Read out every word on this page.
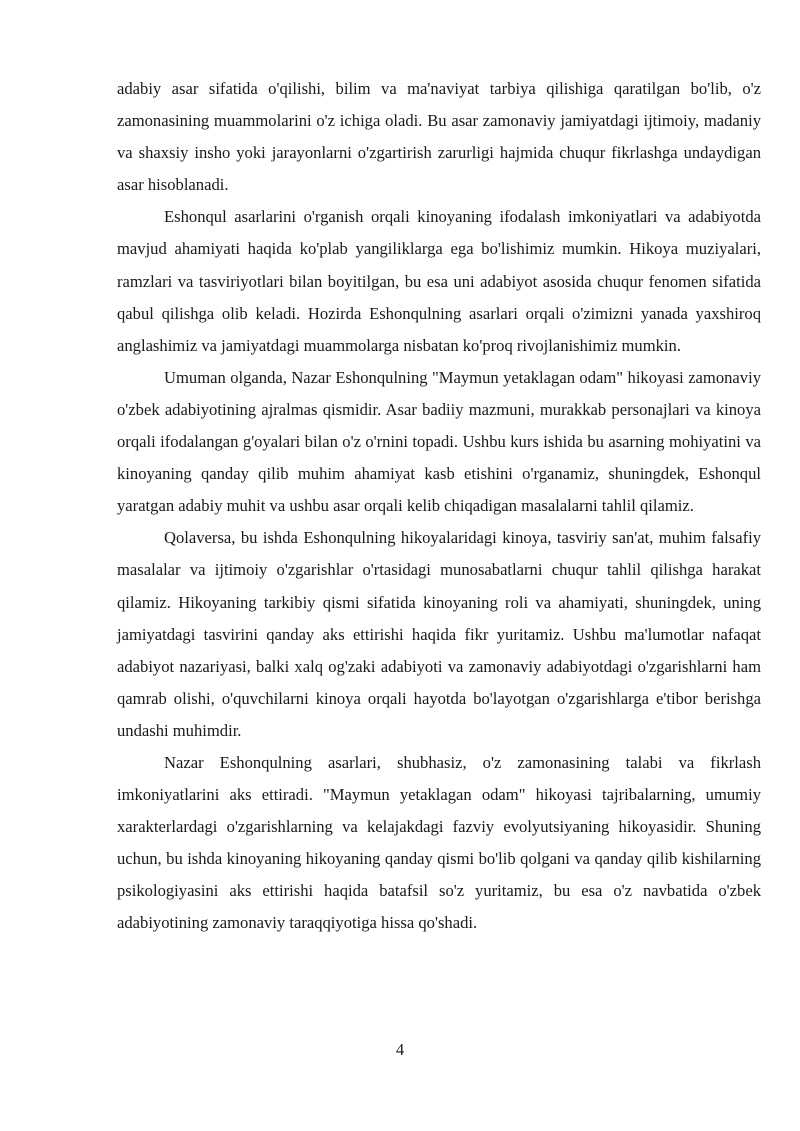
adabiy asar sifatida o'qilishi, bilim va ma'naviyat tarbiya qilishiga qaratilgan bo'lib, o'z zamonasining muammolarini o'z ichiga oladi. Bu asar zamonaviy jamiyatdagi ijtimoiy, madaniy va shaxsiy insho yoki jarayonlarni o'zgartirish zarurligi hajmida chuqur fikrlashga undaydigan asar hisoblanadi.

Eshonqul asarlarini o'rganish orqali kinoyaning ifodalash imkoniyatlari va adabiyotda mavjud ahamiyati haqida ko'plab yangiliklarga ega bo'lishimiz mumkin. Hikoya muziyalari, ramzlari va tasviriyotlari bilan boyitilgan, bu esa uni adabiyot asosida chuqur fenomen sifatida qabul qilishga olib keladi. Hozirda Eshonqulning asarlari orqali o'zimizni yanada yaxshiroq anglashimiz va jamiyatdagi muammolarga nisbatan ko'proq rivojlanishimiz mumkin.

Umuman olganda, Nazar Eshonqulning "Maymun yetaklagan odam" hikoyasi zamonaviy o'zbek adabiyotining ajralmas qismidir. Asar badiiy mazmuni, murakkab personajlari va kinoya orqali ifodalangan g'oyalari bilan o'z o'rnini topadi. Ushbu kurs ishida bu asarning mohiyatini va kinoyaning qanday qilib muhim ahamiyat kasb etishini o'rganamiz, shuningdek, Eshonqul yaratgan adabiy muhit va ushbu asar orqali kelib chiqadigan masalalarni tahlil qilamiz.

Qolaversa, bu ishda Eshonqulning hikoyalaridagi kinoya, tasviriy san'at, muhim falsafiy masalalar va ijtimoiy o'zgarishlar o'rtasidagi munosabatlarni chuqur tahlil qilishga harakat qilamiz. Hikoyaning tarkibiy qismi sifatida kinoyaning roli va ahamiyati, shuningdek, uning jamiyatdagi tasvirini qanday aks ettirishi haqida fikr yuritamiz. Ushbu ma'lumotlar nafaqat adabiyot nazariyasi, balki xalq og'zaki adabiyoti va zamonaviy adabiyotdagi o'zgarishlarni ham qamrab olishi, o'quvchilarni kinoya orqali hayotda bo'layotgan o'zgarishlarga e'tibor berishga undashi muhimdir.

Nazar Eshonqulning asarlari, shubhasiz, o'z zamonasining talabi va fikrlash imkoniyatlarini aks ettiradi. "Maymun yetaklagan odam" hikoyasi tajribalarning, umumiy xarakterlardagi o'zgarishlarning va kelajakdagi fazviy evolyutsiyaning hikoyasidir. Shuning uchun, bu ishda kinoyaning hikoyaning qanday qismi bo'lib qolgani va qanday qilib kishilarning psikologiyasini aks ettirishi haqida batafsil so'z yuritamiz, bu esa o'z navbatida o'zbek adabiyotining zamonaviy taraqqiyotiga hissa qo'shadi.

4
